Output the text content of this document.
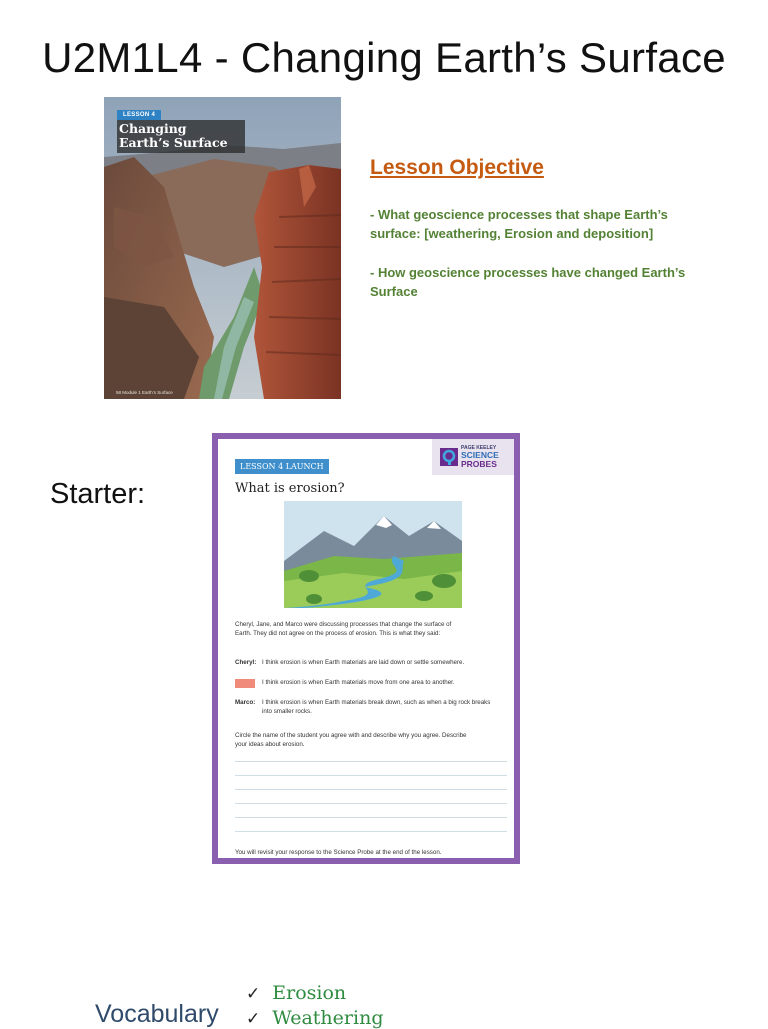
U2M1L4 - Changing Earth’s Surface
LESSON 4
Changing Earth’s Surface
58 Module 1 Earth’s Surface
Lesson Objective
- What geoscience processes that shape Earth’s surface: [weathering, Erosion and deposition]
- How geoscience processes have changed Earth’s Surface
Starter:
LESSON 4 LAUNCH
PAGE KEELEY
SCIENCE
PROBES
What is erosion?
Cheryl, Jane, and Marco were discussing processes that change the surface of Earth. They did not agree on the process of erosion. This is what they said:
Cheryl: I think erosion is when Earth materials are laid down or settle somewhere.
Jane:	I think erosion is when Earth materials move from one area to another.
Marco: I think erosion is when Earth materials break down, such as when a big rock breaks into smaller rocks.
Circle the name of the student you agree with and describe why you agree. Describe your ideas about erosion.
You will revisit your response to the Science Probe at the end of the lesson.
Vocabulary
✓ Erosion
✓ Weathering
